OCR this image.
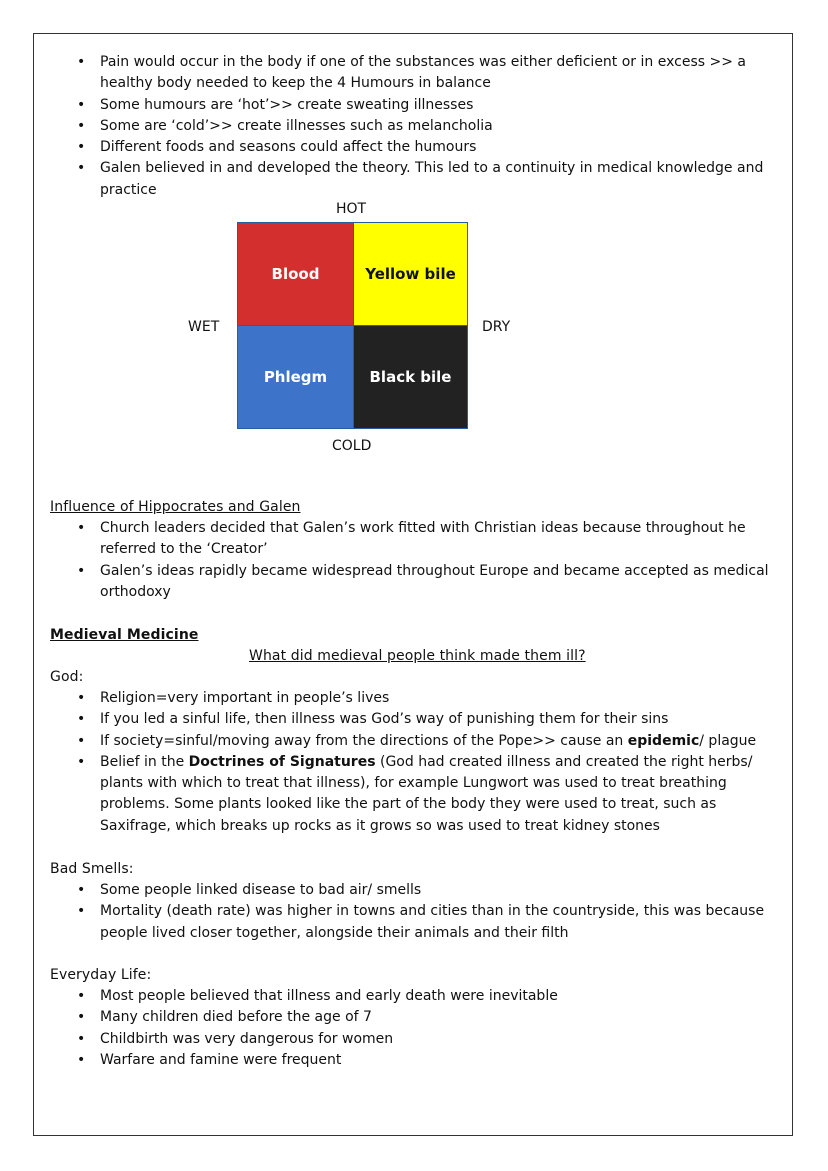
• Pain would occur in the body if one of the substances was either deficient or in excess >> a
healthy body needed to keep the 4 Humours in balance
• Some humours are ‘hot’>> create sweating illnesses
• Some are ‘cold’>> create illnesses such as melancholia
• Different foods and seasons could affect the humours
• Galen believed in and developed the theory. This led to a continuity in medical knowledge and
practice
HOT
COLD
WET	DRY
Blood	Yellow bile
Phlegm	Black bile
Influence of Hippocrates and Galen
• Church leaders decided that Galen’s work fitted with Christian ideas because throughout he
referred to the ‘Creator’
• Galen’s ideas rapidly became widespread throughout Europe and became accepted as medical
orthodoxy
Medieval Medicine
What did medieval people think made them ill?
God:
• Religion=very important in people’s lives
• If you led a sinful life, then illness was God’s way of punishing them for their sins
• If society=sinful/moving away from the directions of the Pope>> cause an epidemic/ plague
• Belief in the Doctrines of Signatures (God had created illness and created the right herbs/
plants with which to treat that illness), for example Lungwort was used to treat breathing
problems. Some plants looked like the part of the body they were used to treat, such as
Saxifrage, which breaks up rocks as it grows so was used to treat kidney stones
Bad Smells:
• Some people linked disease to bad air/ smells
• Mortality (death rate) was higher in towns and cities than in the countryside, this was because
people lived closer together, alongside their animals and their filth
Everyday Life:
• Most people believed that illness and early death were inevitable
• Many children died before the age of 7
• Childbirth was very dangerous for women
• Warfare and famine were frequent
